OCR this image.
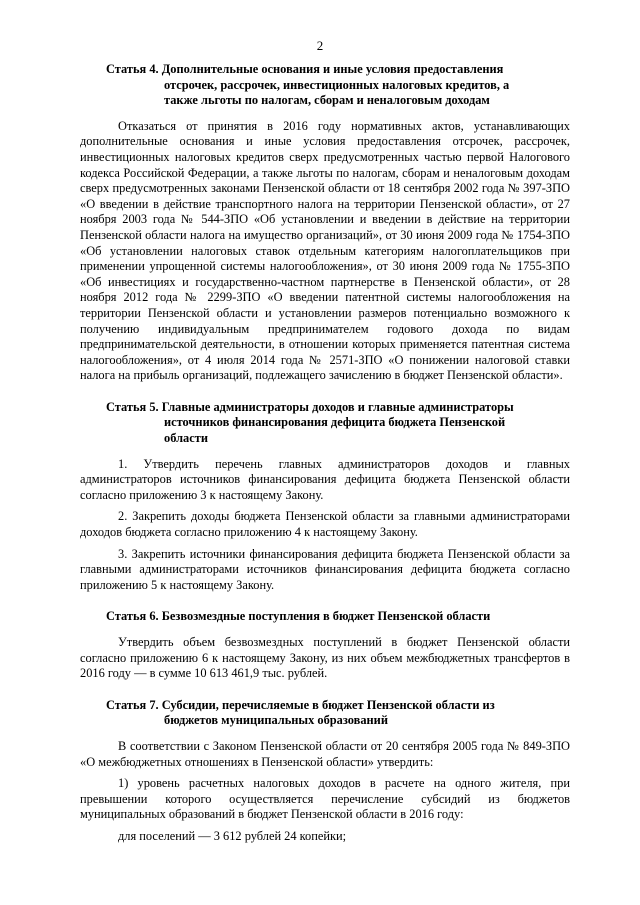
2
Статья 4. Дополнительные основания и иные условия предоставления
отсрочек, рассрочек, инвестиционных налоговых кредитов, а
также льготы по налогам, сборам и неналоговым доходам

Отказаться от принятия в 2016 году нормативных актов, устанавливающих дополнительные основания и иные условия предоставления отсрочек, рассрочек, инвестиционных налоговых кредитов сверх предусмотренных частью первой Налогового кодекса Российской Федерации, а также льготы по налогам, сборам и неналоговым доходам сверх предусмотренных законами Пензенской области от 18 сентября 2002 года № 397-ЗПО «О введении в действие транспортного налога на территории Пензенской области», от 27 ноября 2003 года № 544-ЗПО «Об установлении и введении в действие на территории Пензенской области налога на имущество организаций», от 30 июня 2009 года № 1754-ЗПО «Об установлении налоговых ставок отдельным категориям налогоплательщиков при применении упрощенной системы налогообложения», от 30 июня 2009 года № 1755-ЗПО «Об инвестициях и государственно-частном партнерстве в Пензенской области», от 28 ноября 2012 года № 2299-ЗПО «О введении патентной системы налогообложения на территории Пензенской области и установлении размеров потенциально возможного к получению индивидуальным предпринимателем годового дохода по видам предпринимательской деятельности, в отношении которых применяется патентная система налогообложения», от 4 июля 2014 года № 2571-ЗПО «О понижении налоговой ставки налога на прибыль организаций, подлежащего зачислению в бюджет Пензенской области».

Статья 5. Главные администраторы доходов и главные администраторы
источников финансирования дефицита бюджета Пензенской
области

1. Утвердить перечень главных администраторов доходов и главных администраторов источников финансирования дефицита бюджета Пензенской области согласно приложению 3 к настоящему Закону.

2. Закрепить доходы бюджета Пензенской области за главными администраторами доходов бюджета согласно приложению 4 к настоящему Закону.

3. Закрепить источники финансирования дефицита бюджета Пензенской области за главными администраторами источников финансирования дефицита бюджета согласно приложению 5 к настоящему Закону.

Статья 6. Безвозмездные поступления в бюджет Пензенской области

Утвердить объем безвозмездных поступлений в бюджет Пензенской области согласно приложению 6 к настоящему Закону, из них объем межбюджетных трансфертов в 2016 году — в сумме 10 613 461,9 тыс. рублей.

Статья 7. Субсидии, перечисляемые в бюджет Пензенской области из
бюджетов муниципальных образований

В соответствии с Законом Пензенской области от 20 сентября 2005 года № 849-ЗПО «О межбюджетных отношениях в Пензенской области» утвердить:

1) уровень расчетных налоговых доходов в расчете на одного жителя, при превышении которого осуществляется перечисление субсидий из бюджетов муниципальных образований в бюджет Пензенской области в 2016 году:

для поселений — 3 612 рублей 24 копейки;
